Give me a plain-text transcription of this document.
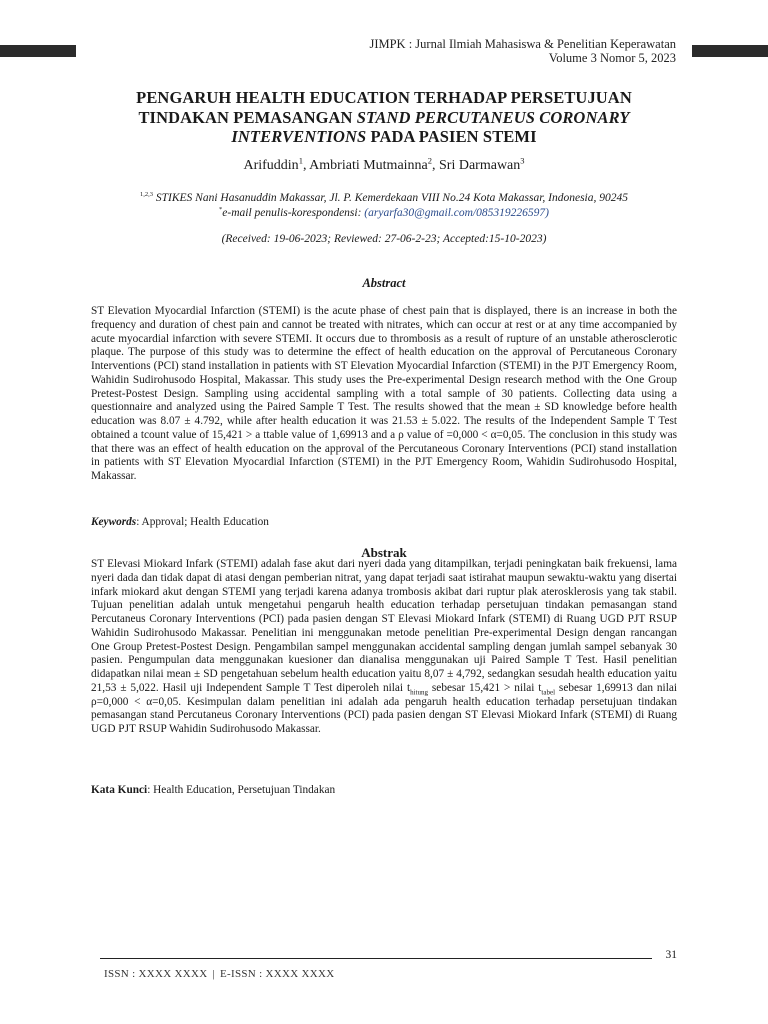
JIMPK : Jurnal Ilmiah Mahasiswa & Penelitian Keperawatan
Volume 3 Nomor 5, 2023
PENGARUH HEALTH EDUCATION TERHADAP PERSETUJUAN TINDAKAN PEMASANGAN STAND PERCUTANEUS CORONARY INTERVENTIONS PADA PASIEN STEMI
Arifuddin$^1$, Ambriati Mutmainna$^2$, Sri Darmawan$^3$
$^{1,2,3}$ STIKES Nani Hasanuddin Makassar, Jl. P. Kemerdekaan VIII No.24 Kota Makassar, Indonesia, 90245
*e-mail penulis-korespondensi: (aryarfa30@gmail.com/085319226597)
(Received: 19-06-2023; Reviewed: 27-06-2-23; Accepted:15-10-2023)
Abstract
ST Elevation Myocardial Infarction (STEMI) is the acute phase of chest pain that is displayed, there is an increase in both the frequency and duration of chest pain and cannot be treated with nitrates, which can occur at rest or at any time accompanied by acute myocardial infarction with severe STEMI. It occurs due to thrombosis as a result of rupture of an unstable atherosclerotic plaque. The purpose of this study was to determine the effect of health education on the approval of Percutaneous Coronary Interventions (PCI) stand installation in patients with ST Elevation Myocardial Infarction (STEMI) in the PJT Emergency Room, Wahidin Sudirohusodo Hospital, Makassar. This study uses the Pre-experimental Design research method with the One Group Pretest-Postest Design. Sampling using accidental sampling with a total sample of 30 patients. Collecting data using a questionnaire and analyzed using the Paired Sample T Test. The results showed that the mean ± SD knowledge before health education was 8.07 ± 4.792, while after health education it was 21.53 ± 5.022. The results of the Independent Sample T Test obtained a tcount value of 15,421 > a ttable value of 1,69913 and a ρ value of =0,000 < α=0,05. The conclusion in this study was that there was an effect of health education on the approval of the Percutaneous Coronary Interventions (PCI) stand installation in patients with ST Elevation Myocardial Infarction (STEMI) in the PJT Emergency Room, Wahidin Sudirohusodo Hospital, Makassar.
Keywords: Approval; Health Education
Abstrak
ST Elevasi Miokard Infark (STEMI) adalah fase akut dari nyeri dada yang ditampilkan, terjadi peningkatan baik frekuensi, lama nyeri dada dan tidak dapat di atasi dengan pemberian nitrat, yang dapat terjadi saat istirahat maupun sewaktu-waktu yang disertai infark miokard akut dengan STEMI yang terjadi karena adanya trombosis akibat dari ruptur plak aterosklerosis yang tak stabil. Tujuan penelitian adalah untuk mengetahui pengaruh health education terhadap persetujuan tindakan pemasangan stand Percutaneus Coronary Interventions (PCI) pada pasien dengan ST Elevasi Miokard Infark (STEMI) di Ruang UGD PJT RSUP Wahidin Sudirohusodo Makassar. Penelitian ini menggunakan metode penelitian Pre-experimental Design dengan rancangan One Group Pretest-Postest Design. Pengambilan sampel menggunakan accidental sampling dengan jumlah sampel sebanyak 30 pasien. Pengumpulan data menggunakan kuesioner dan dianalisa menggunakan uji Paired Sample T Test. Hasil penelitian didapatkan nilai mean ± SD pengetahuan sebelum health education yaitu 8,07 ± 4,792, sedangkan sesudah health education yaitu 21,53 ± 5,022. Hasil uji Independent Sample T Test diperoleh nilai $t_{hitung}$ sebesar 15,421 > nilai $t_{tabel}$ sebesar 1,69913 dan nilai ρ=0,000 < α=0,05. Kesimpulan dalam penelitian ini adalah ada pengaruh health education terhadap persetujuan tindakan pemasangan stand Percutaneus Coronary Interventions (PCI) pada pasien dengan ST Elevasi Miokard Infark (STEMI) di Ruang UGD PJT RSUP Wahidin Sudirohusodo Makassar.
Kata Kunci: Health Education, Persetujuan Tindakan
31
ISSN : XXXX XXXX | E-ISSN : XXXX XXXX
